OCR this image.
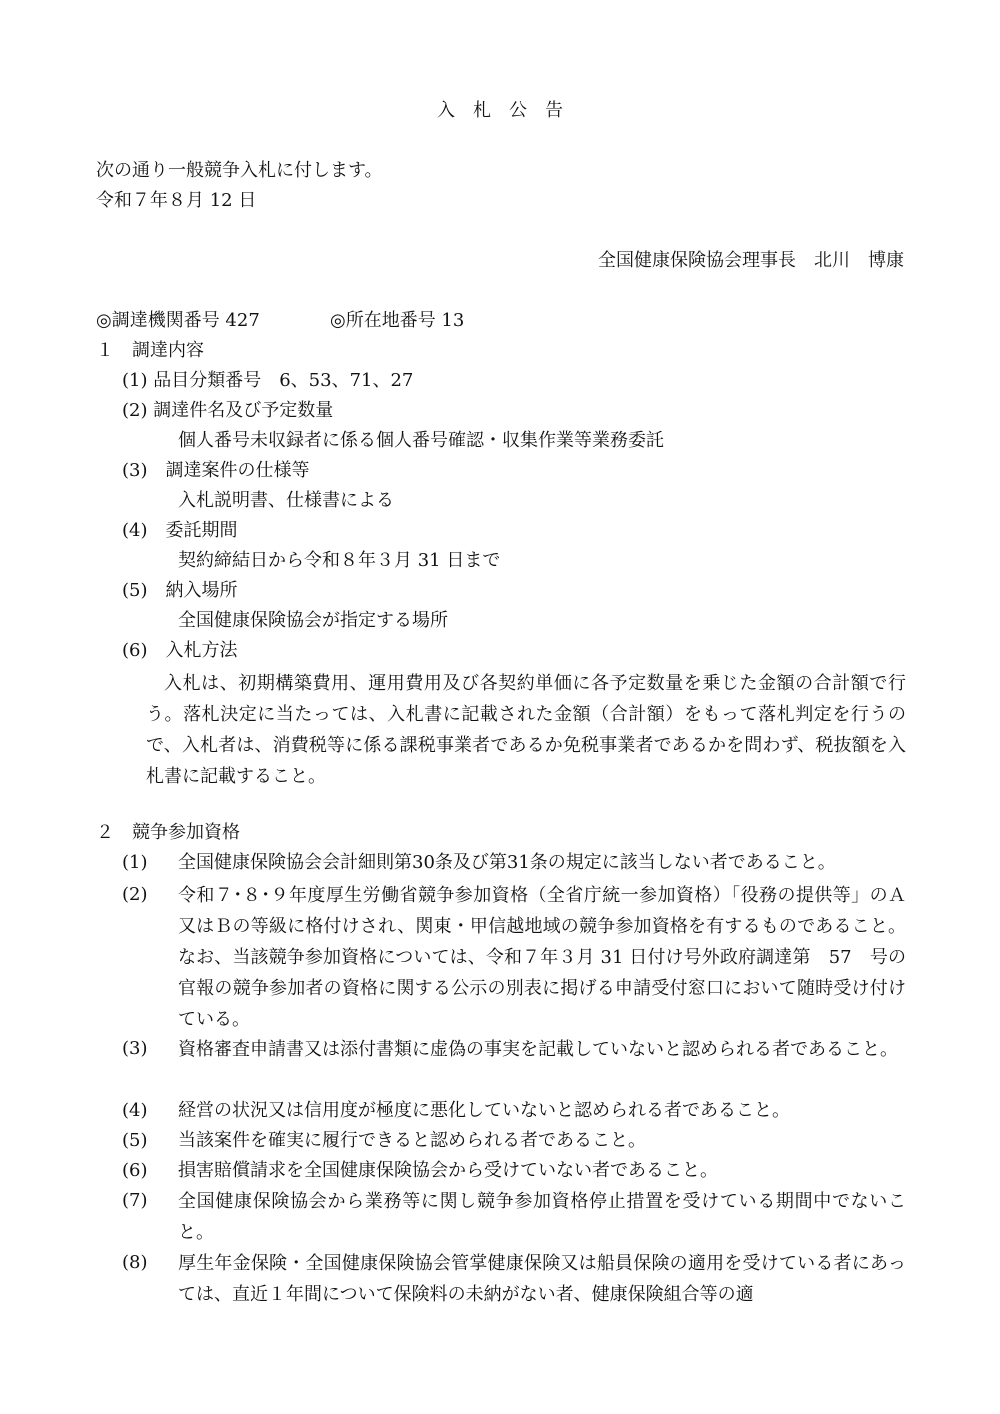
入　札　公　告
次の通り一般競争入札に付します。
令和７年８月 12 日
全国健康保険協会理事長　北川　博康
◎調達機関番号 427	◎所在地番号 13
１　調達内容
(1) 品目分類番号　6、53、71、27
(2) 調達件名及び予定数量
個人番号未収録者に係る個人番号確認・収集作業等業務委託
(3)　調達案件の仕様等
入札説明書、仕様書による
(4)　委託期間
契約締結日から令和８年３月 31 日まで
(5)　納入場所
全国健康保険協会が指定する場所
(6)　入札方法
入札は、初期構築費用、運用費用及び各契約単価に各予定数量を乗じた金額の合計額で行う。落札決定に当たっては、入札書に記載された金額（合計額）をもって落札判定を行うので、入札者は、消費税等に係る課税事業者であるか免税事業者であるかを問わず、税抜額を入札書に記載すること。
２　競争参加資格
(1) 全国健康保険協会会計細則第30条及び第31条の規定に該当しない者であること。
(2) 令和７･８･９年度厚生労働省競争参加資格（全省庁統一参加資格）「役務の提供等」のＡ又はＢの等級に格付けされ、関東・甲信越地域の競争参加資格を有するものであること。なお、当該競争参加資格については、令和７年３月 31 日付け号外政府調達第　57　号の官報の競争参加者の資格に関する公示の別表に掲げる申請受付窓口において随時受け付けている。
(3) 資格審査申請書又は添付書類に虚偽の事実を記載していないと認められる者であること。
(4) 経営の状況又は信用度が極度に悪化していないと認められる者であること。
(5) 当該案件を確実に履行できると認められる者であること。
(6) 損害賠償請求を全国健康保険協会から受けていない者であること。
(7) 全国健康保険協会から業務等に関し競争参加資格停止措置を受けている期間中でないこと。
(8) 厚生年金保険・全国健康保険協会管掌健康保険又は船員保険の適用を受けている者にあっては、直近１年間について保険料の未納がない者、健康保険組合等の適
